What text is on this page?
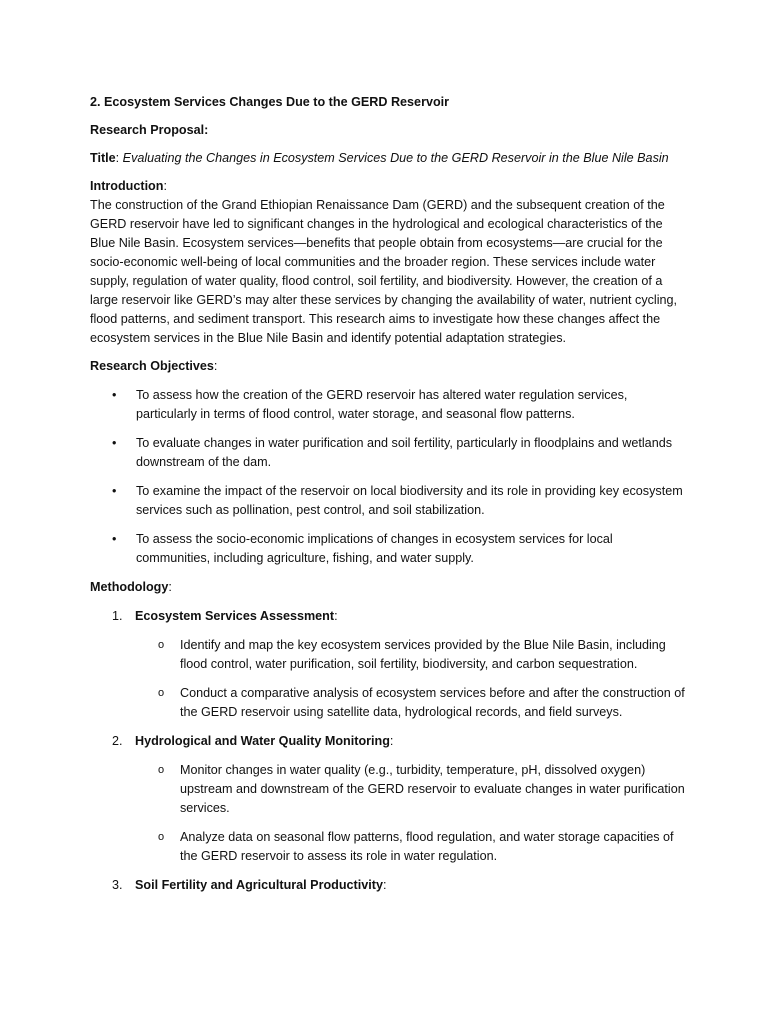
2. Ecosystem Services Changes Due to the GERD Reservoir

Research Proposal:

Title: Evaluating the Changes in Ecosystem Services Due to the GERD Reservoir in the Blue Nile Basin

Introduction:

The construction of the Grand Ethiopian Renaissance Dam (GERD) and the subsequent creation of the GERD reservoir have led to significant changes in the hydrological and ecological characteristics of the Blue Nile Basin. Ecosystem services—benefits that people obtain from ecosystems—are crucial for the socio-economic well-being of local communities and the broader region. These services include water supply, regulation of water quality, flood control, soil fertility, and biodiversity. However, the creation of a large reservoir like GERD’s may alter these services by changing the availability of water, nutrient cycling, flood patterns, and sediment transport. This research aims to investigate how these changes affect the ecosystem services in the Blue Nile Basin and identify potential adaptation strategies.

Research Objectives:

• To assess how the creation of the GERD reservoir has altered water regulation services, particularly in terms of flood control, water storage, and seasonal flow patterns.
• To evaluate changes in water purification and soil fertility, particularly in floodplains and wetlands downstream of the dam.
• To examine the impact of the reservoir on local biodiversity and its role in providing key ecosystem services such as pollination, pest control, and soil stabilization.
• To assess the socio-economic implications of changes in ecosystem services for local communities, including agriculture, fishing, and water supply.

Methodology:

1. Ecosystem Services Assessment:
o Identify and map the key ecosystem services provided by the Blue Nile Basin, including flood control, water purification, soil fertility, biodiversity, and carbon sequestration.
o Conduct a comparative analysis of ecosystem services before and after the construction of the GERD reservoir using satellite data, hydrological records, and field surveys.
2. Hydrological and Water Quality Monitoring:
o Monitor changes in water quality (e.g., turbidity, temperature, pH, dissolved oxygen) upstream and downstream of the GERD reservoir to evaluate changes in water purification services.
o Analyze data on seasonal flow patterns, flood regulation, and water storage capacities of the GERD reservoir to assess its role in water regulation.
3. Soil Fertility and Agricultural Productivity:
